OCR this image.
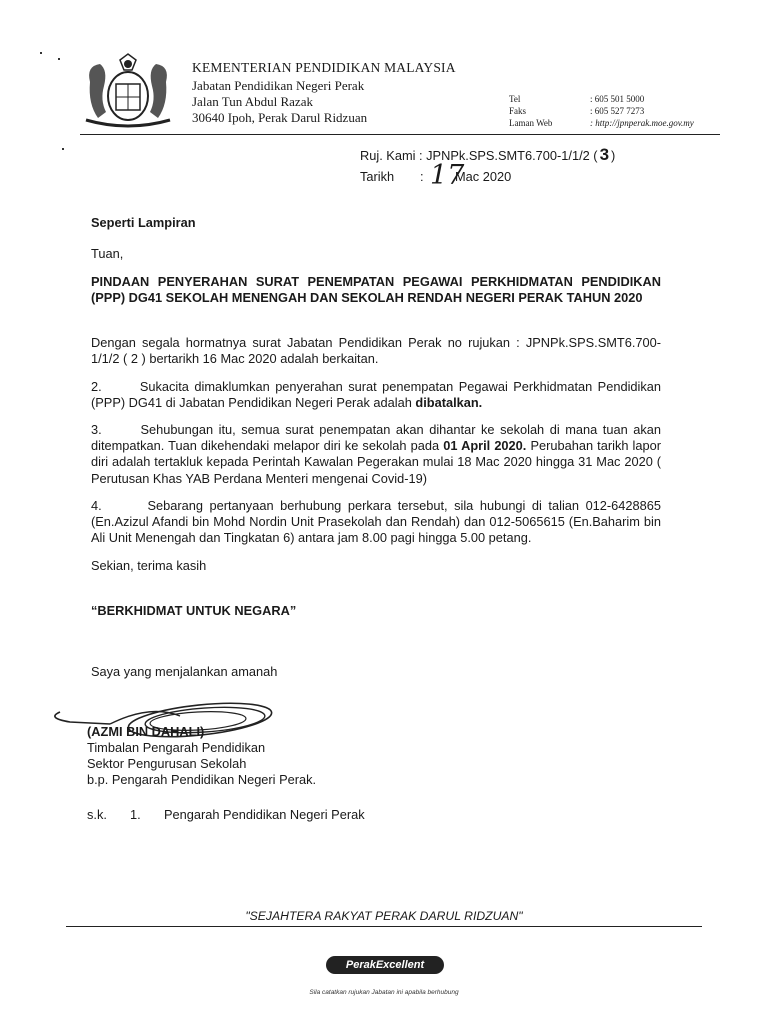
KEMENTERIAN PENDIDIKAN MALAYSIA
Jabatan Pendidikan Negeri Perak
Jalan Tun Abdul Razak
30640 Ipoh, Perak Darul Ridzuan
Tel	: 605 501 5000
Faks	: 605 527 7273
Laman Web	: http://jpnperak.moe.gov.my
Ruj. Kami : JPNPk.SPS.SMT6.700-1/1/2 ( 3 )
Tarikh : 17
Mac 2020
Seperti Lampiran
Tuan,
PINDAAN PENYERAHAN SURAT PENEMPATAN PEGAWAI PERKHIDMATAN PENDIDIKAN (PPP) DG41 SEKOLAH MENENGAH DAN SEKOLAH RENDAH NEGERI PERAK TAHUN 2020
Dengan segala hormatnya surat Jabatan Pendidikan Perak no rujukan : JPNPk.SPS.SMT6.700-1/1/2 ( 2 ) bertarikh 16 Mac 2020 adalah berkaitan.
2.	Sukacita dimaklumkan penyerahan surat penempatan Pegawai Perkhidmatan Pendidikan (PPP) DG41 di Jabatan Pendidikan Negeri Perak adalah dibatalkan.
3.	Sehubungan itu, semua surat penempatan akan dihantar ke sekolah di mana tuan akan ditempatkan. Tuan dikehendaki melapor diri ke sekolah pada 01 April 2020. Perubahan tarikh lapor diri adalah tertakluk kepada Perintah Kawalan Pegerakan mulai 18 Mac 2020 hingga 31 Mac 2020 ( Perutusan Khas YAB Perdana Menteri mengenai Covid-19)
4.	Sebarang pertanyaan berhubung perkara tersebut, sila hubungi di talian 012-6428865 (En.Azizul Afandi bin Mohd Nordin Unit Prasekolah dan Rendah) dan 012-5065615 (En.Baharim bin Ali Unit Menengah dan Tingkatan 6) antara jam 8.00 pagi hingga 5.00 petang.
Sekian, terima kasih
“BERKHIDMAT UNTUK NEGARA”
Saya yang menjalankan amanah
(AZMI BIN DAHALI)
Timbalan Pengarah Pendidikan
Sektor Pengurusan Sekolah
b.p. Pengarah Pendidikan Negeri Perak.
s.k. 1. Pengarah Pendidikan Negeri Perak
"SEJAHTERA RAKYAT PERAK DARUL RIDZUAN"
PerakExcellent
Sila catatkan rujukan Jabatan ini apabila berhubung
